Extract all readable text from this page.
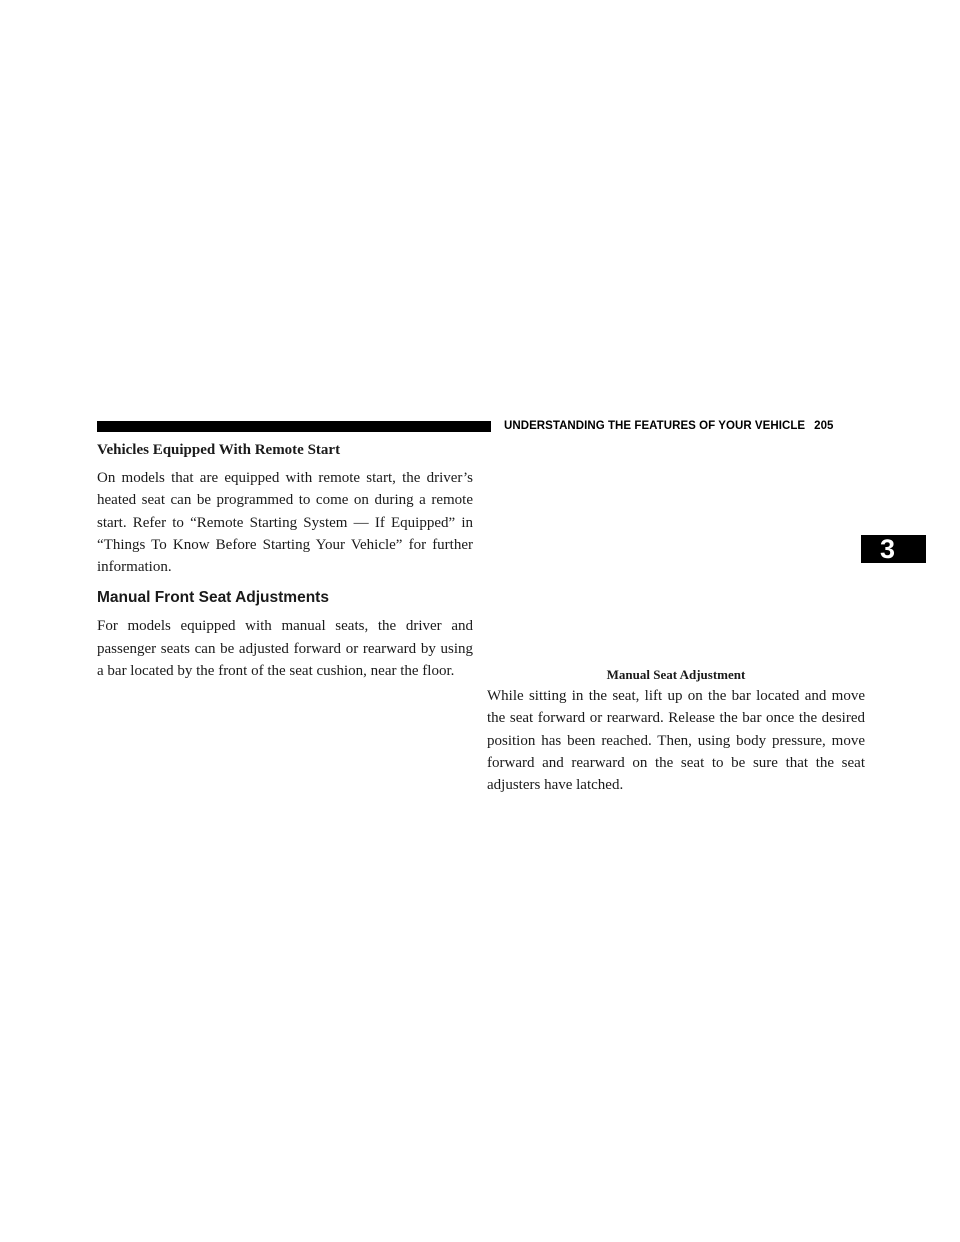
UNDERSTANDING THE FEATURES OF YOUR VEHICLE 205
3
Vehicles Equipped With Remote Start

On models that are equipped with remote start, the driver’s heated seat can be programmed to come on during a remote start. Refer to “Remote Starting System — If Equipped” in “Things To Know Before Starting Your Vehicle” for further information.

Manual Front Seat Adjustments

For models equipped with manual seats, the driver and passenger seats can be adjusted forward or rearward by using a bar located by the front of the seat cushion, near the floor.	Manual Seat Adjustment

While sitting in the seat, lift up on the bar located and move the seat forward or rearward. Release the bar once the desired position has been reached. Then, using body pressure, move forward and rearward on the seat to be sure that the seat adjusters have latched.
